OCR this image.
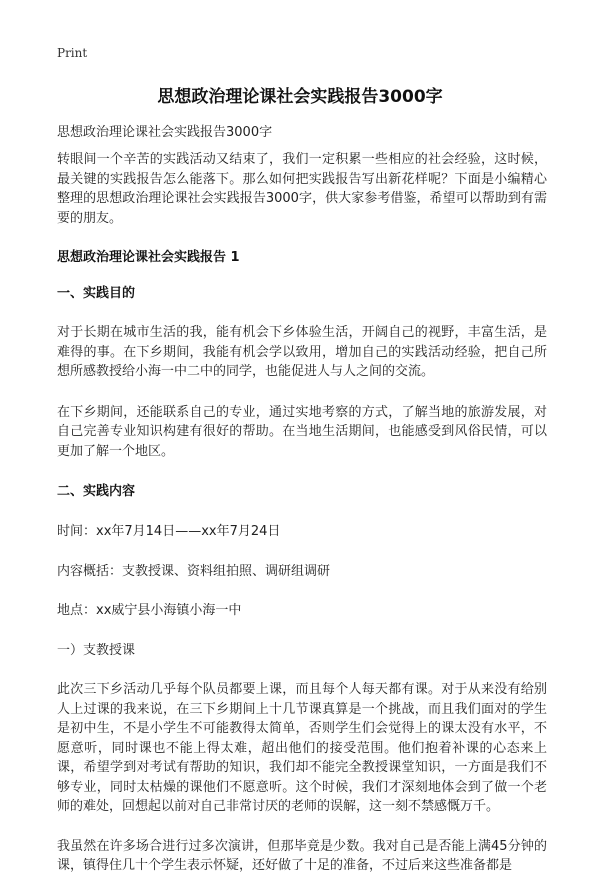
Print
思想政治理论课社会实践报告3000字

思想政治理论课社会实践报告3000字

转眼间一个辛苦的实践活动又结束了，我们一定积累一些相应的社会经验，这时候，最关键的实践报告怎么能落下。那么如何把实践报告写出新花样呢？下面是小编精心整理的思想政治理论课社会实践报告3000字，供大家参考借鉴，希望可以帮助到有需要的朋友。

思想政治理论课社会实践报告 1
一、实践目的

对于长期在城市生活的我，能有机会下乡体验生活，开阔自己的视野，丰富生活，是难得的事。在下乡期间，我能有机会学以致用，增加自己的实践活动经验，把自己所想所感教授给小海一中二中的同学，也能促进人与人之间的交流。

在下乡期间，还能联系自己的专业，通过实地考察的方式，了解当地的旅游发展，对自己完善专业知识构建有很好的帮助。在当地生活期间，也能感受到风俗民情，可以更加了解一个地区。

二、实践内容

时间：xx年7月14日——xx年7月24日

内容概括：支教授课、资料组拍照、调研组调研

地点：xx威宁县小海镇小海一中

一）支教授课

此次三下乡活动几乎每个队员都要上课，而且每个人每天都有课。对于从来没有给别人上过课的我来说，在三下乡期间上十几节课真算是一个挑战，而且我们面对的学生是初中生，不是小学生不可能教得太简单，否则学生们会觉得上的课太没有水平，不愿意听，同时课也不能上得太难，超出他们的接受范围。他们抱着补课的心态来上课，希望学到对考试有帮助的知识，我们却不能完全教授课堂知识，一方面是我们不够专业，同时太枯燥的课他们不愿意听。这个时候，我们才深刻地体会到了做一个老师的难处，回想起以前对自己非常讨厌的老师的误解，这一刻不禁感慨万千。

我虽然在许多场合进行过多次演讲，但那毕竟是少数。我对自己是否能上满45分钟的课，镇得住几十个学生表示怀疑，还好做了十足的准备，不过后来这些准备都是
